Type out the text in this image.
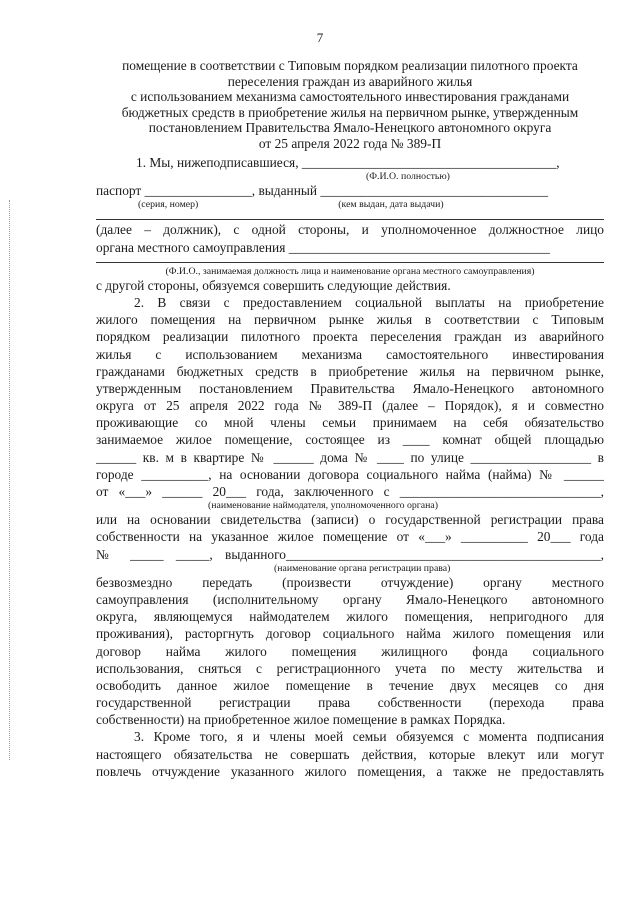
7
помещение в соответствии с Типовым порядком реализации пилотного проекта
переселения граждан из аварийного жилья
с использованием механизма самостоятельного инвестирования гражданами
бюджетных средств в приобретение жилья на первичном рынке, утвержденным
постановлением Правительства Ямало-Ненецкого автономного округа
от 25 апреля 2022 года № 389-П
1. Мы, нижеподписавшиеся, ______________________________________,
(Ф.И.О. полностью)
паспорт ________________, выданный __________________________________
(серия, номер)	(кем выдан, дата выдачи)
(далее – должник), с одной стороны, и уполномоченное должностное лицо
органа местного самоуправления _______________________________________
(Ф.И.О., занимаемая должность лица и наименование органа местного самоуправления)
с другой стороны, обязуемся совершить следующие действия.
2. В связи с предоставлением социальной выплаты на приобретение
жилого помещения на первичном рынке жилья в соответствии с Типовым
порядком реализации пилотного проекта переселения граждан из аварийного
жилья с использованием механизма самостоятельного инвестирования
гражданами бюджетных средств в приобретение жилья на первичном рынке,
утвержденным постановлением Правительства Ямало-Ненецкого автономного
округа от 25 апреля 2022 года № 389-П (далее – Порядок), я и совместно
проживающие со мной члены семьи принимаем на себя обязательство
занимаемое жилое помещение, состоящее из ____ комнат общей площадью
______ кв. м в квартире № ______ дома № ____ по улице __________________ в
городе __________, на основании договора социального найма (найма) № ______
от «___» ______ 20___ года, заключенного с ______________________________,
(наименование наймодателя, уполномоченного органа)
или на основании свидетельства (записи) о государственной регистрации права
собственности на указанное жилое помещение от «___» __________ 20___ года
№ _____ _____, выданного_______________________________________________,
(наименование органа регистрации права)
безвозмездно передать (произвести отчуждение) органу местного
самоуправления (исполнительному органу Ямало-Ненецкого автономного
округа, являющемуся наймодателем жилого помещения, непригодного для
проживания), расторгнуть договор социального найма жилого помещения или
договор найма жилого помещения жилищного фонда социального
использования, сняться с регистрационного учета по месту жительства и
освободить данное жилое помещение в течение двух месяцев со дня
государственной регистрации права собственности (перехода права
собственности) на приобретенное жилое помещение в рамках Порядка.
3. Кроме того, я и члены моей семьи обязуемся с момента подписания
настоящего обязательства не совершать действия, которые влекут или могут
повлечь отчуждение указанного жилого помещения, а также не предоставлять
